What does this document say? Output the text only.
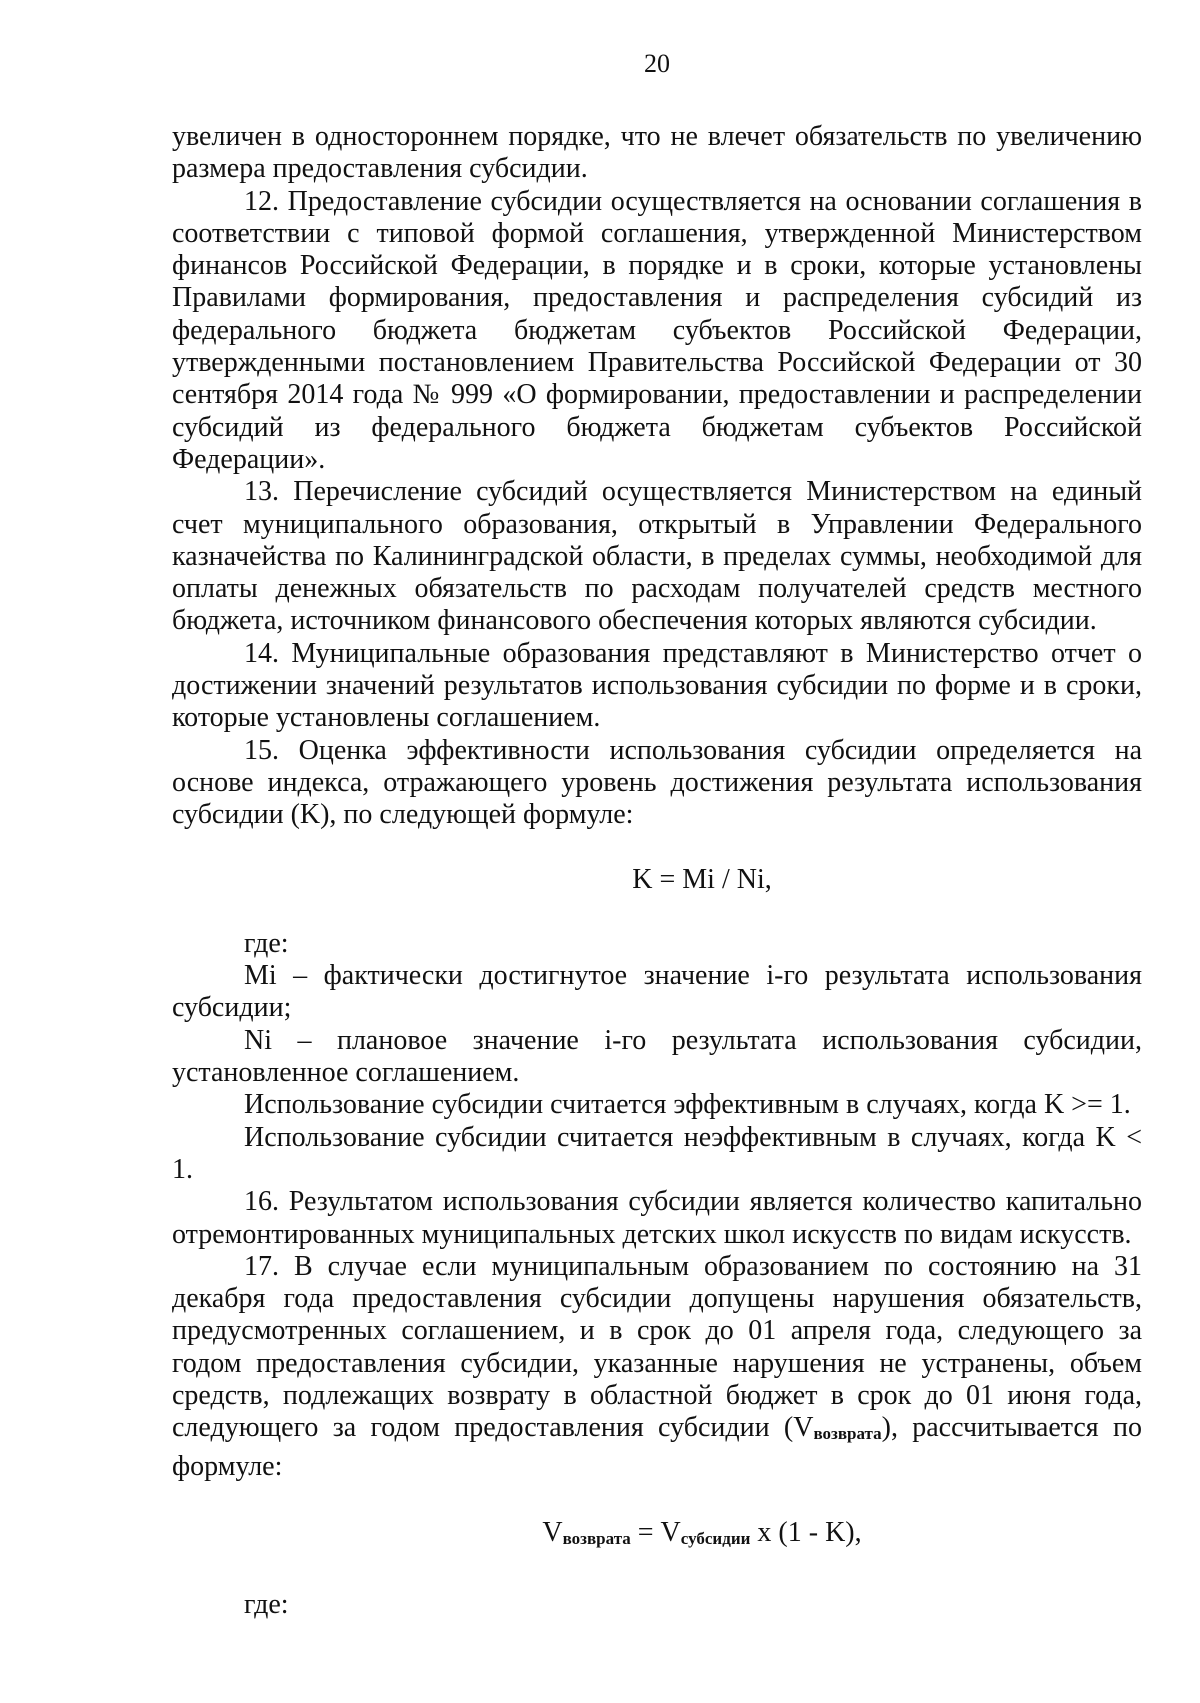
20

увеличен в одностороннем порядке, что не влечет обязательств по увеличению размера предоставления субсидии.

12. Предоставление субсидии осуществляется на основании соглашения в соответствии с типовой формой соглашения, утвержденной Министерством финансов Российской Федерации, в порядке и в сроки, которые установлены Правилами формирования, предоставления и распределения субсидий из федерального бюджета бюджетам субъектов Российской Федерации, утвержденными постановлением Правительства Российской Федерации от 30 сентября 2014 года № 999 «О формировании, предоставлении и распределении субсидий из федерального бюджета бюджетам субъектов Российской Федерации».

13. Перечисление субсидий осуществляется Министерством на единый счет муниципального образования, открытый в Управлении Федерального казначейства по Калининградской области, в пределах суммы, необходимой для оплаты денежных обязательств по расходам получателей средств местного бюджета, источником финансового обеспечения которых являются субсидии.

14. Муниципальные образования представляют в Министерство отчет о достижении значений результатов использования субсидии по форме и в сроки, которые установлены соглашением.

15. Оценка эффективности использования субсидии определяется на основе индекса, отражающего уровень достижения результата использования субсидии (K), по следующей формуле:

K = Mi / Ni,

где:

Mi – фактически достигнутое значение i-го результата использования субсидии;

Ni – плановое значение i-го результата использования субсидии, установленное соглашением.

Использование субсидии считается эффективным в случаях, когда K >= 1.

Использование субсидии считается неэффективным в случаях, когда K < 1.

16. Результатом использования субсидии является количество капитально отремонтированных муниципальных детских школ искусств по видам искусств.

17. В случае если муниципальным образованием по состоянию на 31 декабря года предоставления субсидии допущены нарушения обязательств, предусмотренных соглашением, и в срок до 01 апреля года, следующего за годом предоставления субсидии, указанные нарушения не устранены, объем средств, подлежащих возврату в областной бюджет в срок до 01 июня года, следующего за годом предоставления субсидии (Vвозврата), рассчитывается по формуле:

Vвозврата = Vсубсидии x (1 - K),

где:
